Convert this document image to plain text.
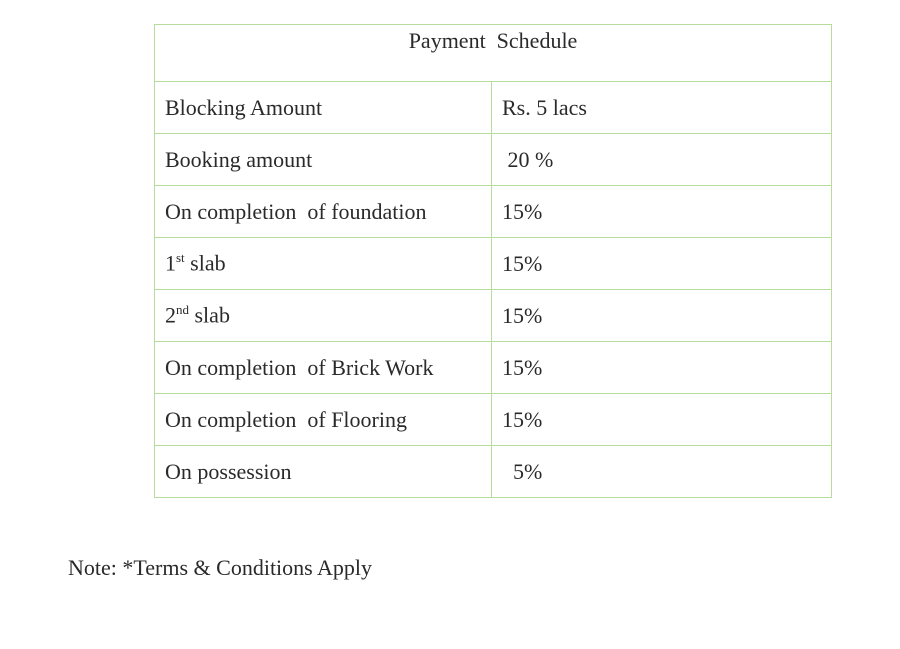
Payment  Schedule	
Blocking Amount	Rs. 5 lacs
Booking amount	20 %
On completion  of foundation	15%
1st slab	15%
2nd slab	15%
On completion  of Brick Work	15%
On completion  of Flooring	15%
On possession	5%
Note: *Terms & Conditions Apply
